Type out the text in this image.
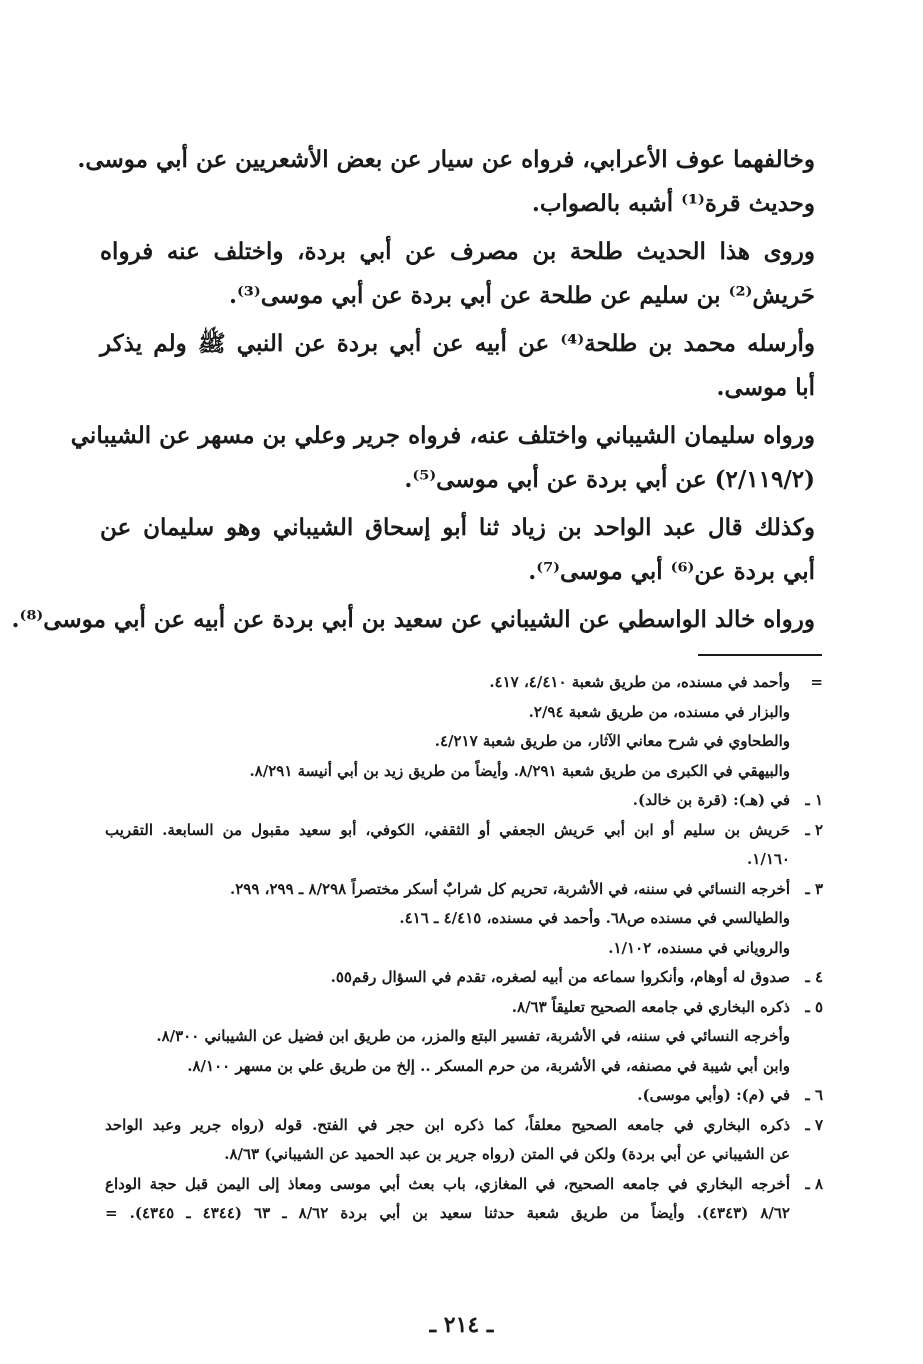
وخالفهما عوف الأعرابي، فرواه عن سيار عن بعض الأشعريين عن أبي موسى.
وحديث قرة⁽¹⁾ أشبه بالصواب.
وروى هذا الحديث طلحة بن مصرف عن أبي بردة، واختلف عنه فرواه
حَريش⁽²⁾ بن سليم عن طلحة عن أبي بردة عن أبي موسى⁽³⁾.
وأرسله محمد بن طلحة⁽⁴⁾ عن أبيه عن أبي بردة عن النبي ﷺ ولم يذكر
أبا موسى.
ورواه سليمان الشيباني واختلف عنه، فرواه جرير وعلي بن مسهر عن الشيباني
(٢/١١٩/٢) عن أبي بردة عن أبي موسى⁽⁵⁾.
وكذلك قال عبد الواحد بن زياد ثنا أبو إسحاق الشيباني وهو سليمان عن
أبي بردة عن⁽⁶⁾ أبي موسى⁽⁷⁾.
ورواه خالد الواسطي عن الشيباني عن سعيد بن أبي بردة عن أبيه عن أبي موسى⁽⁸⁾.
=
وأحمد في مسنده، من طريق شعبة ٤/٤١٠، ٤١٧.
والبزار في مسنده، من طريق شعبة ٢/٩٤.
والطحاوي في شرح معاني الآثار، من طريق شعبة ٤/٢١٧.
والبيهقي في الكبرى من طريق شعبة ٨/٢٩١. وأيضاً من طريق زيد بن أبي أنيسة ٨/٢٩١.
١ ـ
في (هـ): (قرة بن خالد).
٢ ـ
حَريش بن سليم أو ابن أبي حَريش الجعفي أو الثقفي، الكوفي، أبو سعيد مقبول من السابعة. التقريب
١/١٦٠.
٣ ـ
أخرجه النسائي في سننه، في الأشربة، تحريم كل شرابٌ أسكر مختصراً ٨/٢٩٨ ـ ٢٩٩، ٢٩٩.
والطيالسي في مسنده ص٦٨. وأحمد في مسنده، ٤/٤١٥ ـ ٤١٦.
والروياني في مسنده، ١/١٠٢.
٤ ـ
صدوق له أوهام، وأنكروا سماعه من أبيه لصغره، تقدم في السؤال رقم٥٥.
٥ ـ
ذكره البخاري في جامعه الصحيح تعليقاً ٨/٦٣.
وأخرجه النسائي في سننه، في الأشربة، تفسير البتع والمزر، من طريق ابن فضيل عن الشيباني ٨/٣٠٠.
وابن أبي شيبة في مصنفه، في الأشربة، من حرم المسكر .. إلخ من طريق علي بن مسهر ٨/١٠٠.
٦ ـ
في (م): (وأبي موسى).
٧ ـ
ذكره البخاري في جامعه الصحيح معلقاً، كما ذكره ابن حجر في الفتح. قوله (رواه جرير وعبد الواحد
عن الشيباني عن أبي بردة) ولكن في المتن (رواه جرير بن عبد الحميد عن الشيباني) ٨/٦٣.
٨ ـ
أخرجه البخاري في جامعه الصحيح، في المغازي، باب بعث أبي موسى ومعاذ إلى اليمن قبل حجة الوداع
٨/٦٢ (٤٣٤٣). وأيضاً من طريق شعبة حدثنا سعيد بن أبي بردة ٨/٦٢ ـ ٦٣ (٤٣٤٤ ـ ٤٣٤٥). =
ـ ٢١٤ ـ
